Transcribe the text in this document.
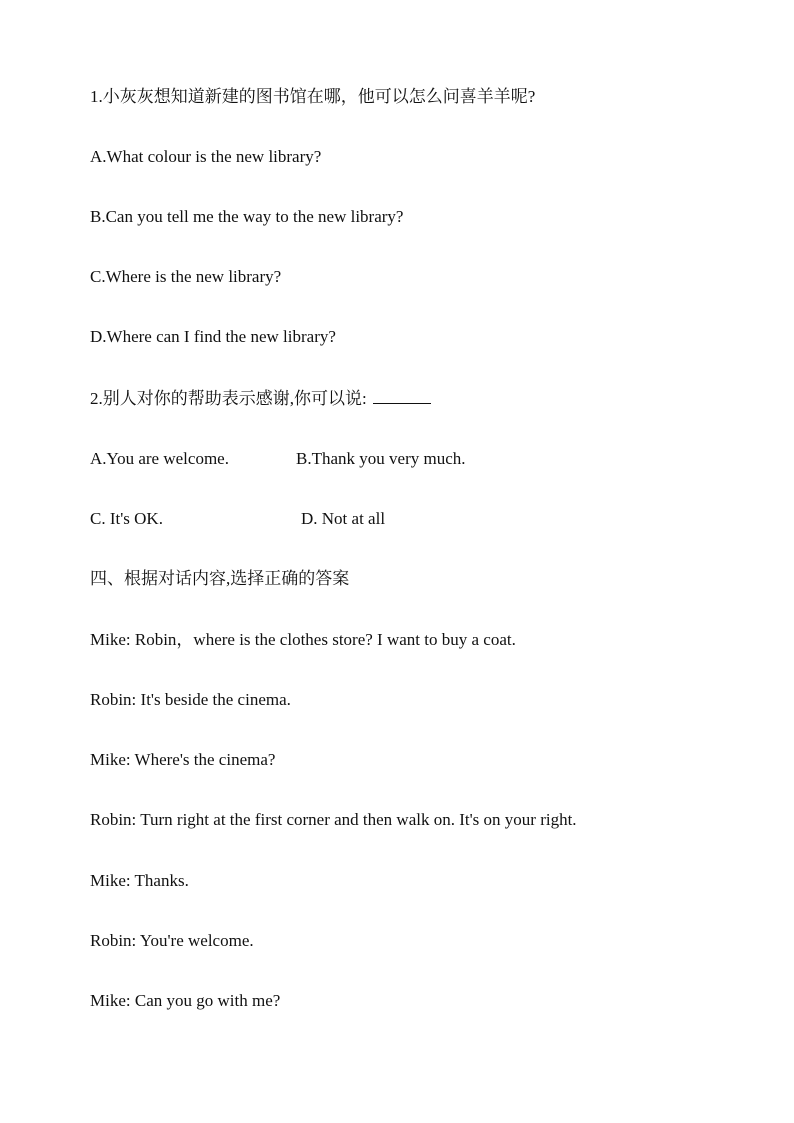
1.小灰灰想知道新建的图书馆在哪，他可以怎么问喜羊羊呢?
A.What colour is the new library?
B.Can you tell me the way to the new library?
C.Where is the new library?
D.Where can I find the new library?
2.别人对你的帮助表示感谢,你可以说:
A.You are welcome.	B.Thank you very much.
C. It's OK.	D. Not at all
四、根据对话内容,选择正确的答案
Mike: Robin，where is the clothes store? I want to buy a coat.
Robin: It's beside the cinema.
Mike: Where's the cinema?
Robin: Turn right at the first corner and then walk on. It's on your right.
Mike: Thanks.
Robin: You're welcome.
Mike: Can you go with me?
